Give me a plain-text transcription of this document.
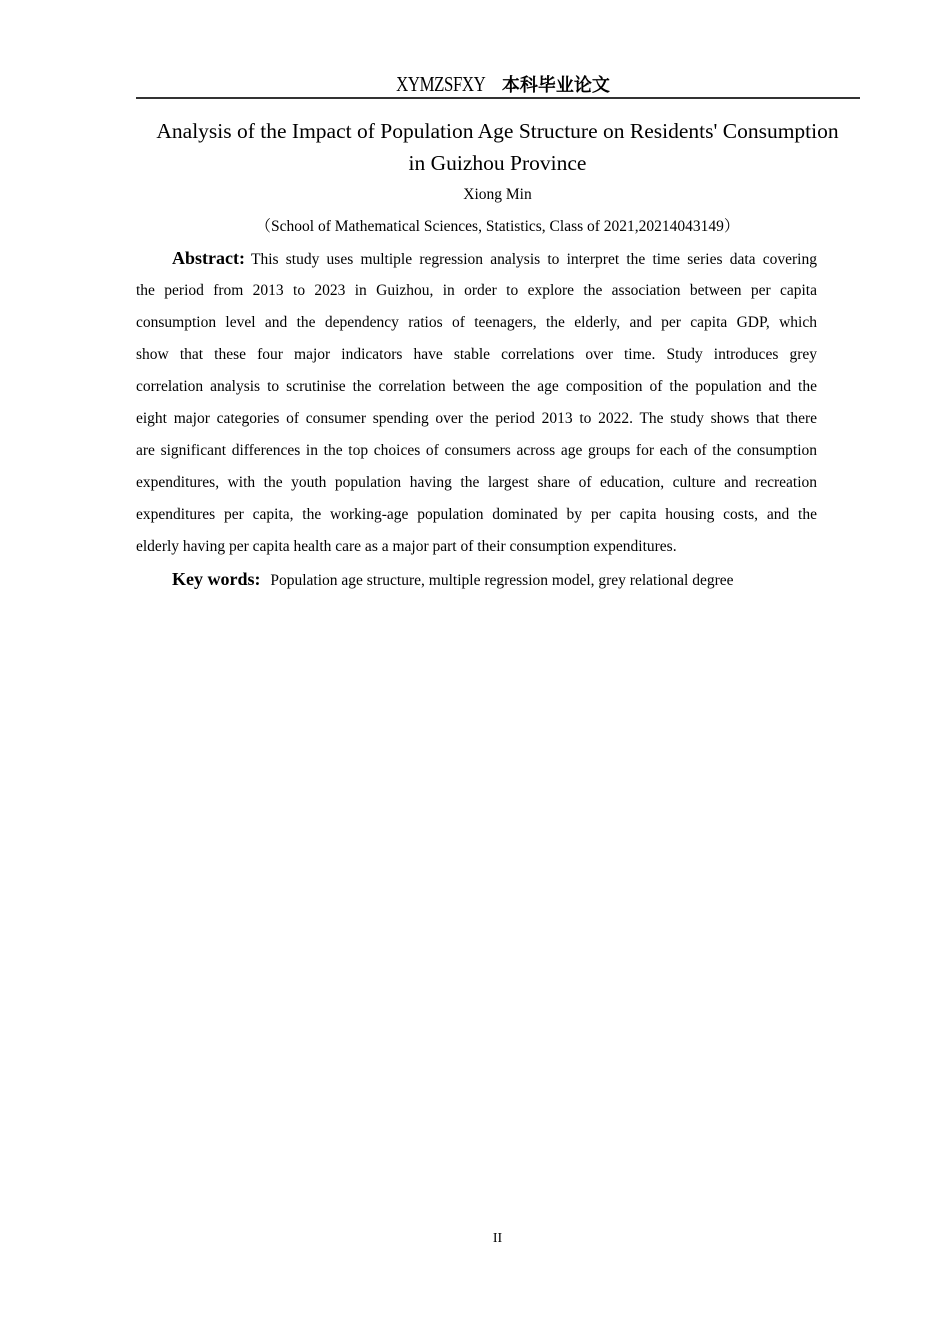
XYMZSFXY 本科毕业论文
Analysis of the Impact of Population Age Structure on Residents' Consumption
in Guizhou Province
Xiong Min
（School of Mathematical Sciences, Statistics, Class of 2021,20214043149）
Abstract: This study uses multiple regression analysis to interpret the time series data covering
the period from 2013 to 2023 in Guizhou, in order to explore the association between per capita
consumption level and the dependency ratios of teenagers, the elderly, and per capita GDP, which
show that these four major indicators have stable correlations over time. Study introduces grey
correlation analysis to scrutinise the correlation between the age composition of the population and the
eight major categories of consumer spending over the period 2013 to 2022. The study shows that there
are significant differences in the top choices of consumers across age groups for each of the consumption
expenditures, with the youth population having the largest share of education, culture and recreation
expenditures per capita, the working-age population dominated by per capita housing costs, and the
elderly having per capita health care as a major part of their consumption expenditures.
Key words: Population age structure, multiple regression model, grey relational degree
II
